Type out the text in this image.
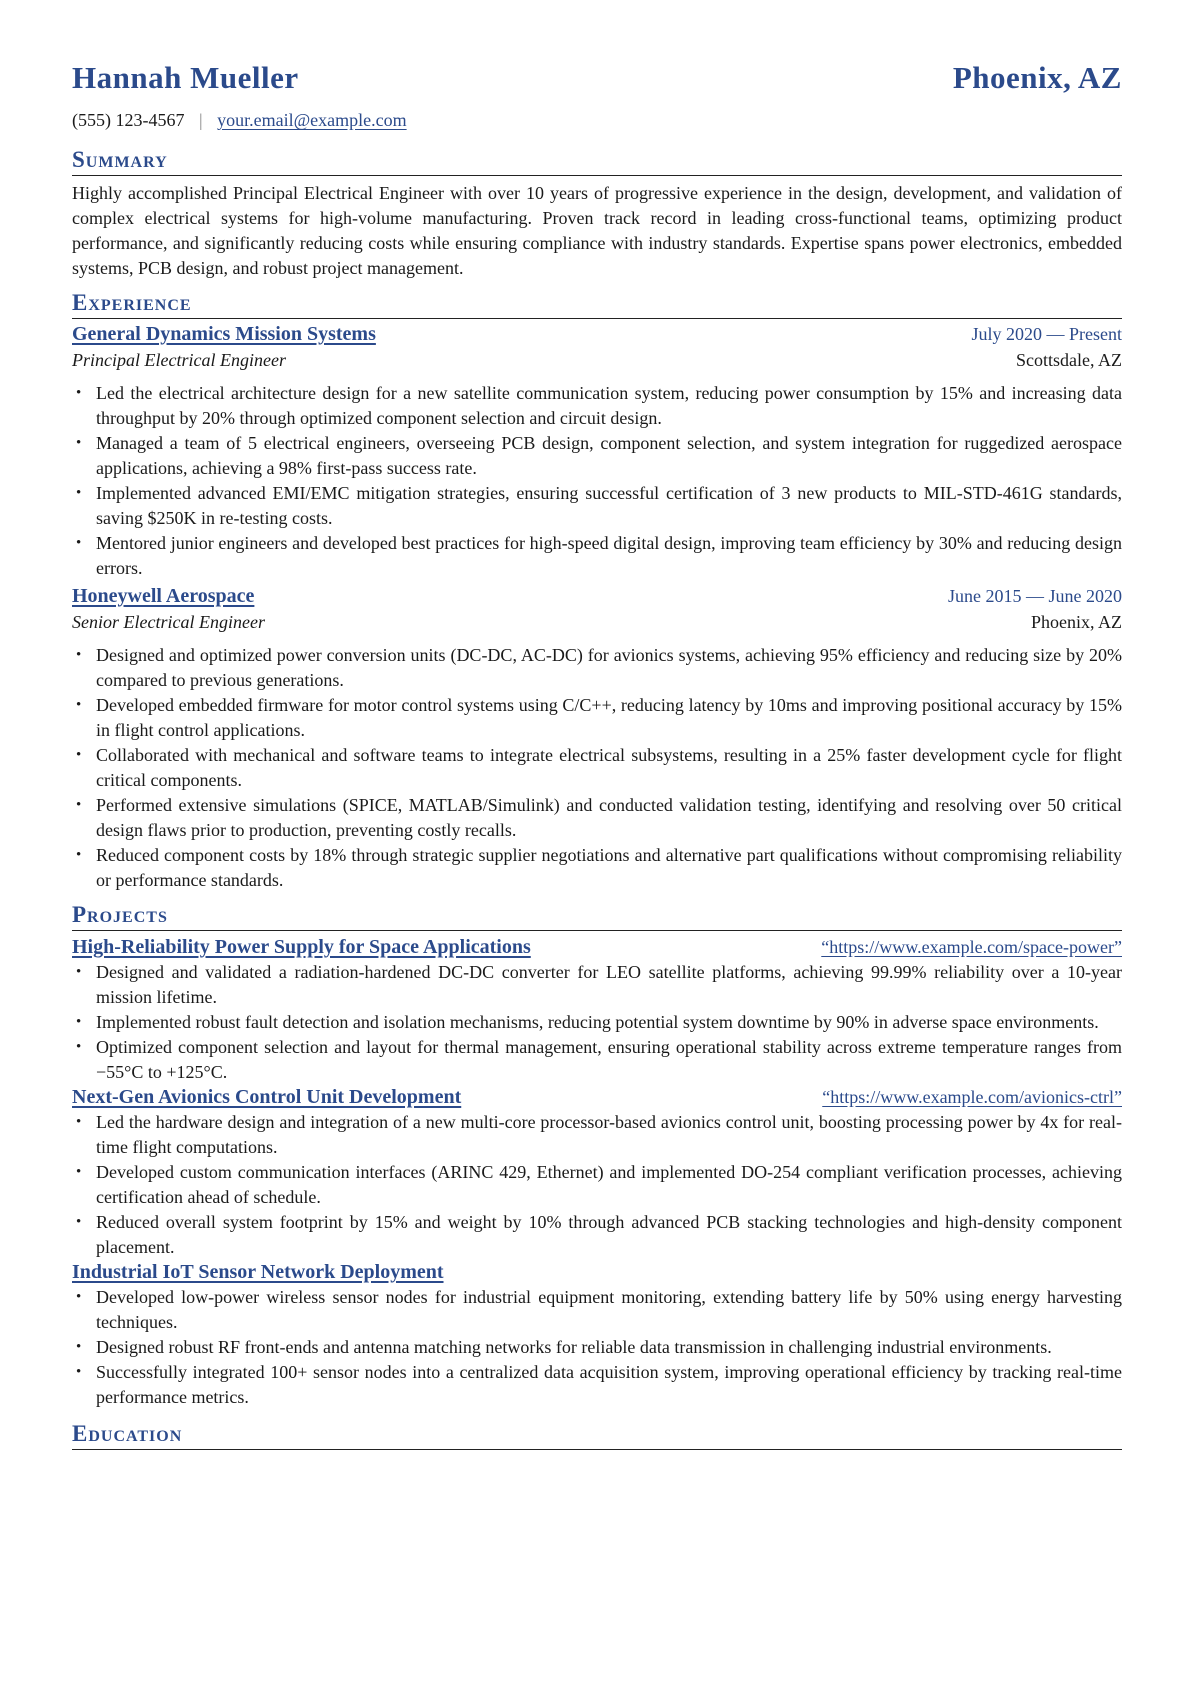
Hannah Mueller	Phoenix, AZ
(555) 123-4567 | your.email@example.com
Summary
Highly accomplished Principal Electrical Engineer with over 10 years of progressive experience in the design, development, and validation of complex electrical systems for high-volume manufacturing. Proven track record in leading cross-functional teams, optimizing product performance, and significantly reducing costs while ensuring compliance with industry standards. Expertise spans power electronics, embedded systems, PCB design, and robust project management.
Experience
General Dynamics Mission Systems	July 2020 — Present
Principal Electrical Engineer	Scottsdale, AZ
• Led the electrical architecture design for a new satellite communication system, reducing power consumption by 15% and increasing data throughput by 20% through optimized component selection and circuit design.
• Managed a team of 5 electrical engineers, overseeing PCB design, component selection, and system integration for ruggedized aerospace applications, achieving a 98% first-pass success rate.
• Implemented advanced EMI/EMC mitigation strategies, ensuring successful certification of 3 new products to MIL-STD-461G standards, saving $250K in re-testing costs.
• Mentored junior engineers and developed best practices for high-speed digital design, improving team efficiency by 30% and reducing design errors.
Honeywell Aerospace	June 2015 — June 2020
Senior Electrical Engineer	Phoenix, AZ
• Designed and optimized power conversion units (DC-DC, AC-DC) for avionics systems, achieving 95% efficiency and reducing size by 20% compared to previous generations.
• Developed embedded firmware for motor control systems using C/C++, reducing latency by 10ms and improving positional accuracy by 15% in flight control applications.
• Collaborated with mechanical and software teams to integrate electrical subsystems, resulting in a 25% faster development cycle for flight critical components.
• Performed extensive simulations (SPICE, MATLAB/Simulink) and conducted validation testing, identifying and resolving over 50 critical design flaws prior to production, preventing costly recalls.
• Reduced component costs by 18% through strategic supplier negotiations and alternative part qualifications without compromising reliability or performance standards.
Projects
High-Reliability Power Supply for Space Applications	“https://www.example.com/space-power”
• Designed and validated a radiation-hardened DC-DC converter for LEO satellite platforms, achieving 99.99% reliability over a 10-year mission lifetime.
• Implemented robust fault detection and isolation mechanisms, reducing potential system downtime by 90% in adverse space environments.
• Optimized component selection and layout for thermal management, ensuring operational stability across extreme temperature ranges from −55°C to +125°C.
Next-Gen Avionics Control Unit Development	“https://www.example.com/avionics-ctrl”
• Led the hardware design and integration of a new multi-core processor-based avionics control unit, boosting processing power by 4x for real-time flight computations.
• Developed custom communication interfaces (ARINC 429, Ethernet) and implemented DO-254 compliant verification processes, achieving certification ahead of schedule.
• Reduced overall system footprint by 15% and weight by 10% through advanced PCB stacking technologies and high-density component placement.
Industrial IoT Sensor Network Deployment
• Developed low-power wireless sensor nodes for industrial equipment monitoring, extending battery life by 50% using energy harvesting techniques.
• Designed robust RF front-ends and antenna matching networks for reliable data transmission in challenging industrial environments.
• Successfully integrated 100+ sensor nodes into a centralized data acquisition system, improving operational efficiency by tracking real-time performance metrics.
Education
